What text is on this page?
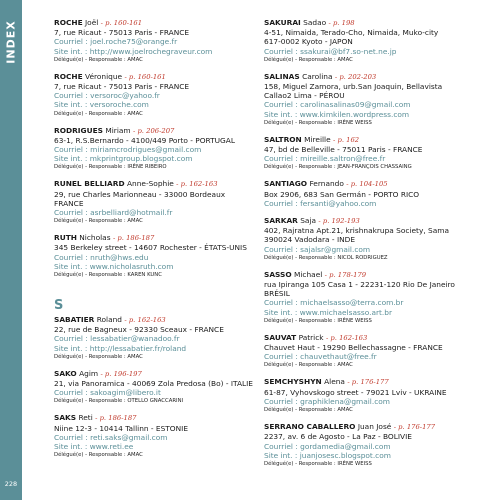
INDEX
228
ROCHE Joël - p. 160-161
7, rue Ricaut - 75013 Paris - FRANCE
Courriel : joel.roche75@orange.fr
Site int. : http://www.joelrochegraveur.com
Délégué(e) - Responsable : AMAC
ROCHE Véronique - p. 160-161
7, rue Ricaut - 75013 Paris - FRANCE
Courriel : versoroc@yahoo.fr
Site int. : versoroche.com
Délégué(e) - Responsable : AMAC
RODRIGUES Miriam - p. 206-207
63-1, R.S.Bernardo - 4100/449 Porto - PORTUGAL
Courriel : miriamcrodrigues@gmail.com
Site int. : mkprintgroup.blogspot.com
Délégué(e) - Responsable : IRÈNE RIBEIRO
RUNEL BELLIARD Anne-Sophie - p. 162-163
29, rue Charles Marionneau - 33000 Bordeaux
FRANCE
Courriel : asrbelliard@hotmail.fr
Délégué(e) - Responsable : AMAC
RUTH Nicholas - p. 186-187
345 Berkeley street - 14607 Rochester - ÉTATS-UNIS
Courriel : nruth@hws.edu
Site int. : www.nicholasruth.com
Délégué(e) - Responsable : KAREN KUNC
S
SABATIER Roland - p. 162-163
22, rue de Bagneux - 92330 Sceaux - FRANCE
Courriel : lessabatier@wanadoo.fr
Site int. : http://lessabatier.fr/roland
Délégué(e) - Responsable : AMAC
SAKO Agim - p. 196-197
21, via Panoramica - 40069 Zola Predosa (Bo) - ITALIE
Courriel : sakoagim@libero.it
Délégué(e) - Responsable : OTELLO GNACCARINI
SAKS Reti - p. 186-187
Niine 12-3 - 10414 Tallinn - ESTONIE
Courriel : reti.saks@gmail.com
Site int. : www.reti.ee
Délégué(e) - Responsable : AMAC
SAKURAI Sadao - p. 198
4-51, Nimaida, Terado-Cho, Nimaida, Muko-city
617-0002 Kyoto - JAPON
Courriel : ssakurai@bf7.so-net.ne.jp
Délégué(e) - Responsable : AMAC
SALINAS Carolina - p. 202-203
158, Miguel Zamora, urb.San Joaquin, Bellavista
Callao2 Lima - PÉROU
Courriel : carolinasalinas09@gmail.com
Site int. : www.kimkilen.wordpress.com
Délégué(e) - Responsable : IRÈNE WEISS
SALTRON Mireille - p. 162
47, bd de Belleville - 75011 Paris - FRANCE
Courriel : mireille.saltron@free.fr
Délégué(e) - Responsable : JEAN-FRANÇOIS CHASSAING
SANTIAGO Fernando - p. 104-105
Box 2906, 683 San Germán - PORTO RICO
Courriel : fersanti@yahoo.com
SARKAR Saja - p. 192-193
402, Rajratna Apt.21, krishnakrupa Society, Sama
390024 Vadodara - INDE
Courriel : sajalsr@gmail.com
Délégué(e) - Responsable : NICOL RODRIGUEZ
SASSO Michael - p. 178-179
rua Ipiranga 105 Casa 1 - 22231-120 Rio De Janeiro
BRÉSIL
Courriel : michaelsasso@terra.com.br
Site int. : www.michaelsasso.art.br
Délégué(e) - Responsable : IRÈNE WEISS
SAUVAT Patrick - p. 162-163
Chauvet Haut - 19290 Bellechassagne - FRANCE
Courriel : chauvethaut@free.fr
Délégué(e) - Responsable : AMAC
SEMCHYSHYN Alena - p. 176-177
61-87, Vyhovskogo street - 79021 Lviv - UKRAINE
Courriel : graphiklena@gmail.com
Délégué(e) - Responsable : AMAC
SERRANO CABALLERO Juan José - p. 176-177
2237, av. 6 de Agosto - La Paz - BOLIVIE
Courriel : gordamedia@gmail.com
Site int. : juanjosesc.blogspot.com
Délégué(e) - Responsable : IRÈNE WEISS
